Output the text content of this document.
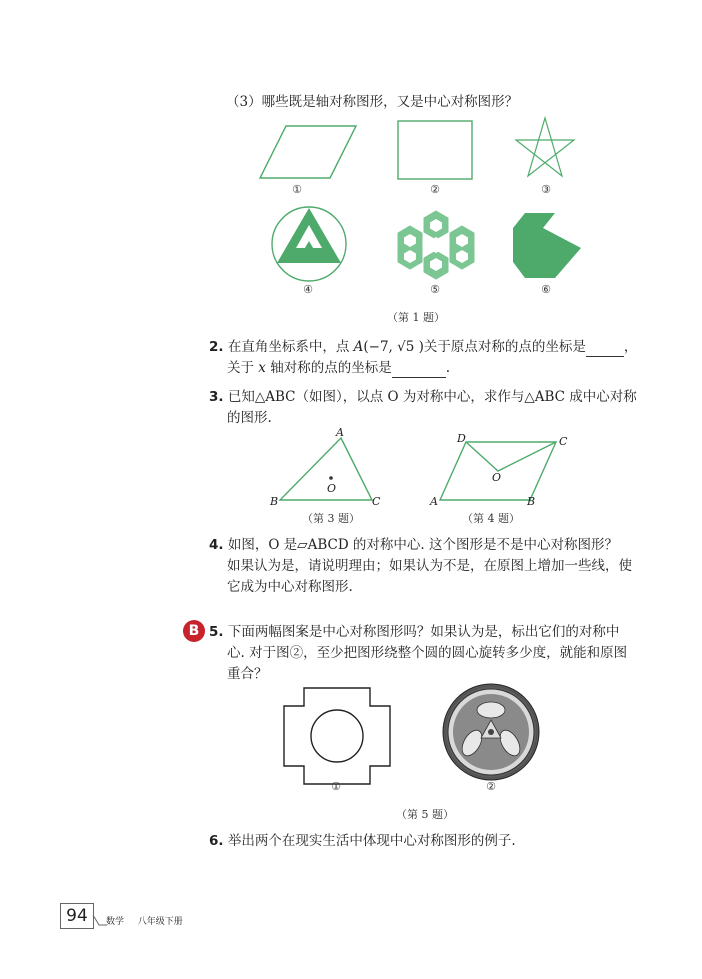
（3）哪些既是轴对称图形，又是中心对称图形？
①	②	③
④	⑤	⑥
（第 1 题）
2. 在直角坐标系中，点 A(−7, √5 )关于原点对称的点的坐标是	，
关于 x 轴对称的点的坐标是	.
3. 已知△ABC（如图），以点 O 为对称中心，求作与△ABC 成中心对称
的图形.
A
B	C
O
（第 3 题）
D	C
A	B
O
（第 4 题）
4. 如图，O 是▱ABCD 的对称中心. 这个图形是不是中心对称图形？
如果认为是，请说明理由；如果认为不是，在原图上增加一些线，使
它成为中心对称图形.
B 5. 下面两幅图案是中心对称图形吗？如果认为是，标出它们的对称中
心. 对于图②，至少把图形绕整个圆的圆心旋转多少度，就能和原图
重合？
①	②
（第 5 题）
6. 举出两个在现实生活中体现中心对称图形的例子.
94	数学 八年级下册
